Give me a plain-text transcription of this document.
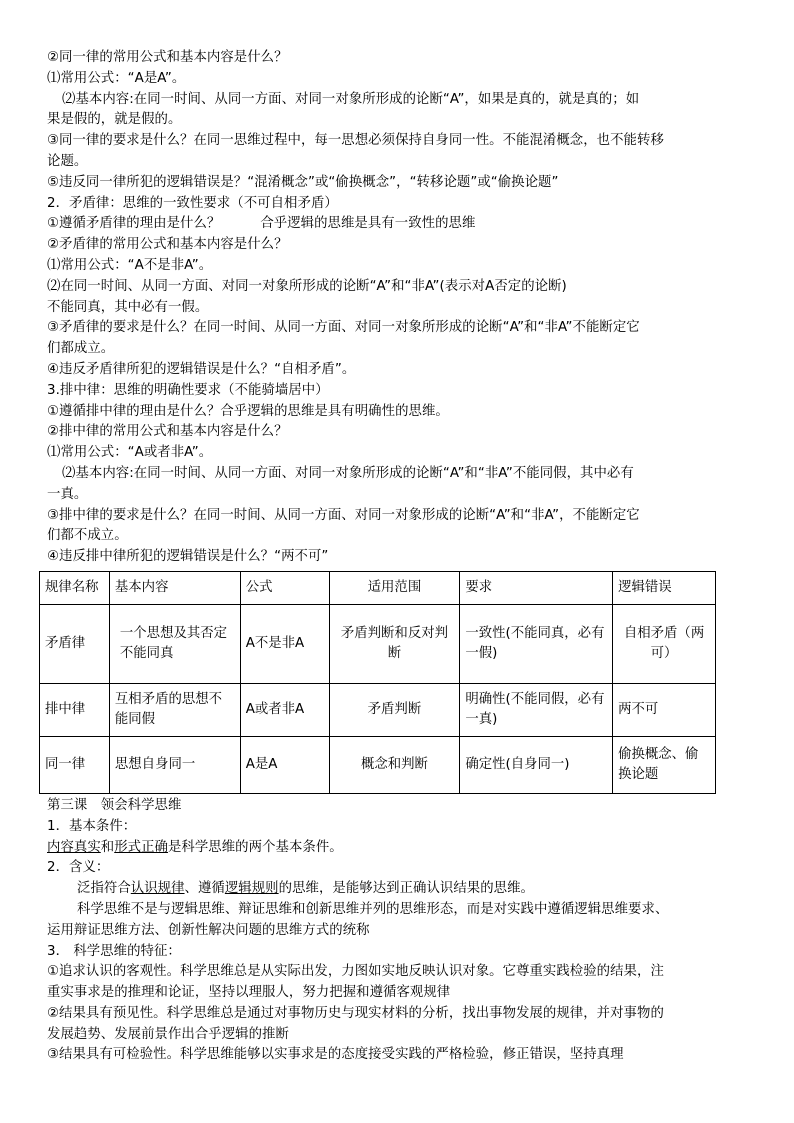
②同一律的常用公式和基本内容是什么？
⑴常用公式：“A是A”。
⑵基本内容:在同一时间、从同一方面、对同一对象所形成的论断“A”，如果是真的，就是真的；如
果是假的，就是假的。
③同一律的要求是什么？在同一思维过程中，每一思想必须保持自身同一性。不能混淆概念，也不能转移
论题。
⑤违反同一律所犯的逻辑错误是？“混淆概念”或“偷换概念”，“转移论题”或“偷换论题”
2．矛盾律：思维的一致性要求（不可自相矛盾）
①遵循矛盾律的理由是什么？	合乎逻辑的思维是具有一致性的思维
②矛盾律的常用公式和基本内容是什么？
⑴常用公式：“A不是非A”。
⑵在同一时间、从同一方面、对同一对象所形成的论断“A”和“非A”(表示对A否定的论断)
不能同真，其中必有一假。
③矛盾律的要求是什么？在同一时间、从同一方面、对同一对象所形成的论断“A”和“非A”不能断定它
们都成立。
④违反矛盾律所犯的逻辑错误是什么？“自相矛盾”。
3.排中律：思维的明确性要求（不能骑墙居中）
①遵循排中律的理由是什么？合乎逻辑的思维是具有明确性的思维。
②排中律的常用公式和基本内容是什么？
⑴常用公式：“A或者非A”。
⑵基本内容:在同一时间、从同一方面、对同一对象所形成的论断“A”和“非A”不能同假，其中必有
一真。
③排中律的要求是什么？在同一时间、从同一方面、对同一对象形成的论断“A”和“非A”，不能断定它
们都不成立。
④违反排中律所犯的逻辑错误是什么？“两不可”
规律名称	基本内容	公式	适用范围	要求	逻辑错误
矛盾律	一个思想及其否定不能同真	A不是非A	矛盾判断和反对判断	一致性(不能同真，必有一假)	自相矛盾（两可）
排中律	互相矛盾的思想不能同假	A或者非A	矛盾判断	明确性(不能同假，必有一真)	两不可
同一律	思想自身同一	A是A	概念和判断	确定性(自身同一)	偷换概念、偷换论题
第三课　领会科学思维
1．基本条件：
内容真实和形式正确是科学思维的两个基本条件。
2．含义：
泛指符合认识规律、遵循逻辑规则的思维，是能够达到正确认识结果的思维。
科学思维不是与逻辑思维、辩证思维和创新思维并列的思维形态，而是对实践中遵循逻辑思维要求、
运用辩证思维方法、创新性解决问题的思维方式的统称
3． 科学思维的特征：
①追求认识的客观性。科学思维总是从实际出发，力图如实地反映认识对象。它尊重实践检验的结果，注
重实事求是的推理和论证，坚持以理服人，努力把握和遵循客观规律
②结果具有预见性。科学思维总是通过对事物历史与现实材料的分析，找出事物发展的规律，并对事物的
发展趋势、发展前景作出合乎逻辑的推断
③结果具有可检验性。科学思维能够以实事求是的态度接受实践的严格检验，修正错误，坚持真理
